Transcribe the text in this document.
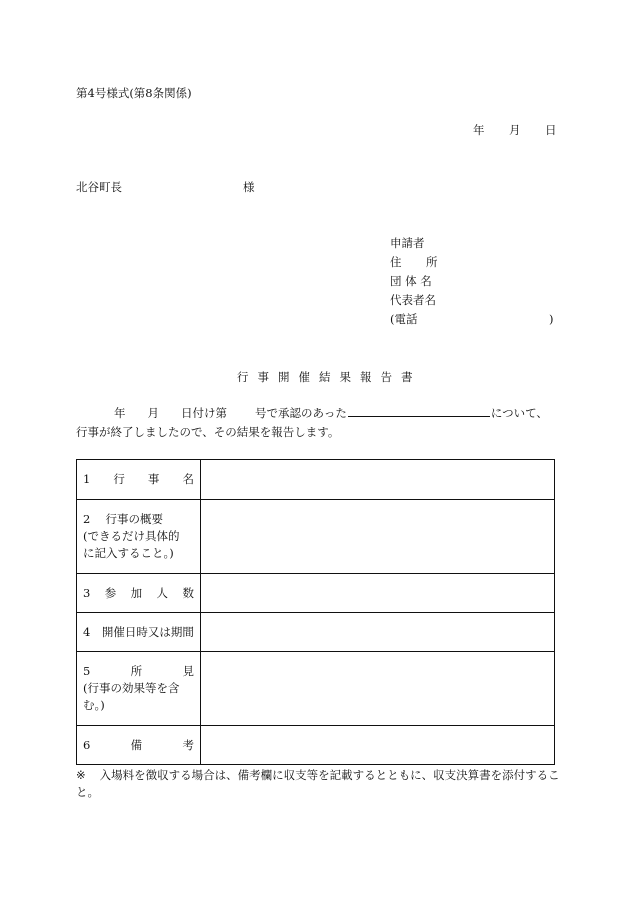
第4号様式(第8条関係)
年 月 日
北谷町長	様
申請者
住 所
団 体 名
代表者名
(電話	)
行事開催結果報告書
年 月 日付け第 号で承認のあった	について、
行事が終了しましたので、その結果を報告します。
1 行 事 名
2　 行事の概要
(できるだけ具体的
に記入すること。)
3 参 加 人 数
4　開催日時又は期間
5	所	見
(行事の効果等を含
む。)
6	備	考
※ 入場料を徴収する場合は、備考欄に収支等を記載するとともに、収支決算書を添付すること。
